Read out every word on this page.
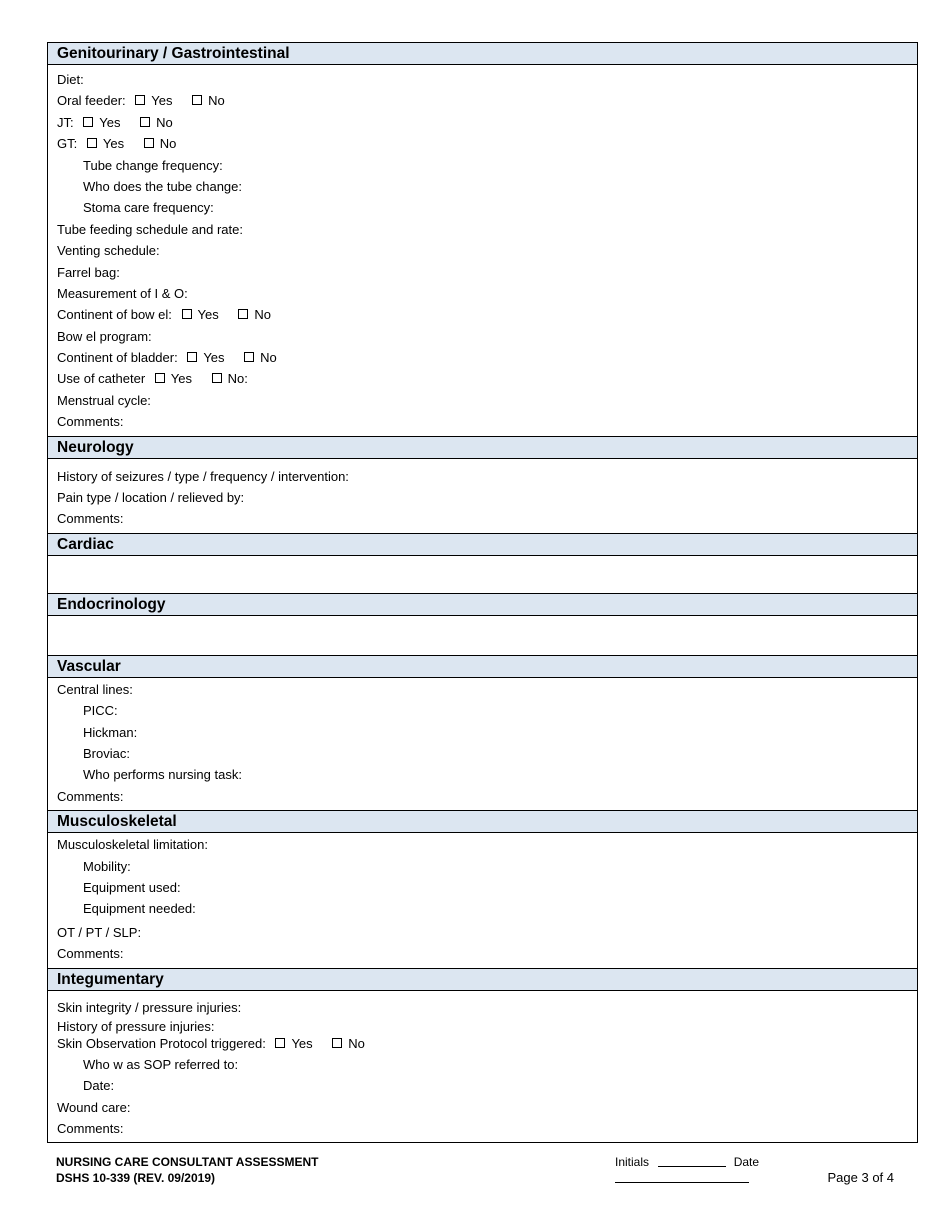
Genitourinary / Gastrointestinal
Diet:
Oral feeder: Yes	No
JT: Yes	No
GT: Yes	No
Tube change frequency:
Who does the tube change:
Stoma care frequency:
Tube feeding schedule and rate:
Venting schedule:
Farrel bag:
Measurement of I & O:
Continent of bow el: Yes	No
Bow el program:
Continent of bladder: Yes	No
Use of catheter Yes	No:
Menstrual cycle:
Comments:
Neurology
History of seizures / type / frequency / intervention:
Pain type / location / relieved by:
Comments:
Cardiac
Endocrinology
Vascular
Central lines:
PICC:
Hickman:
Broviac:
Who performs nursing task:
Comments:
Musculoskeletal
Musculoskeletal limitation:
Mobility:
Equipment used:
Equipment needed:
OT / PT / SLP:
Comments:
Integumentary
Skin integrity / pressure injuries:
History of pressure injuries:
Skin Observation Protocol triggered: Yes	No
Who w as SOP referred to:
Date:
Wound care:
Comments:
NURSING CARE CONSULTANT ASSESSMENT
DSHS 10-339 (REV. 09/2019)
Initials	Date
Page 3 of 4
